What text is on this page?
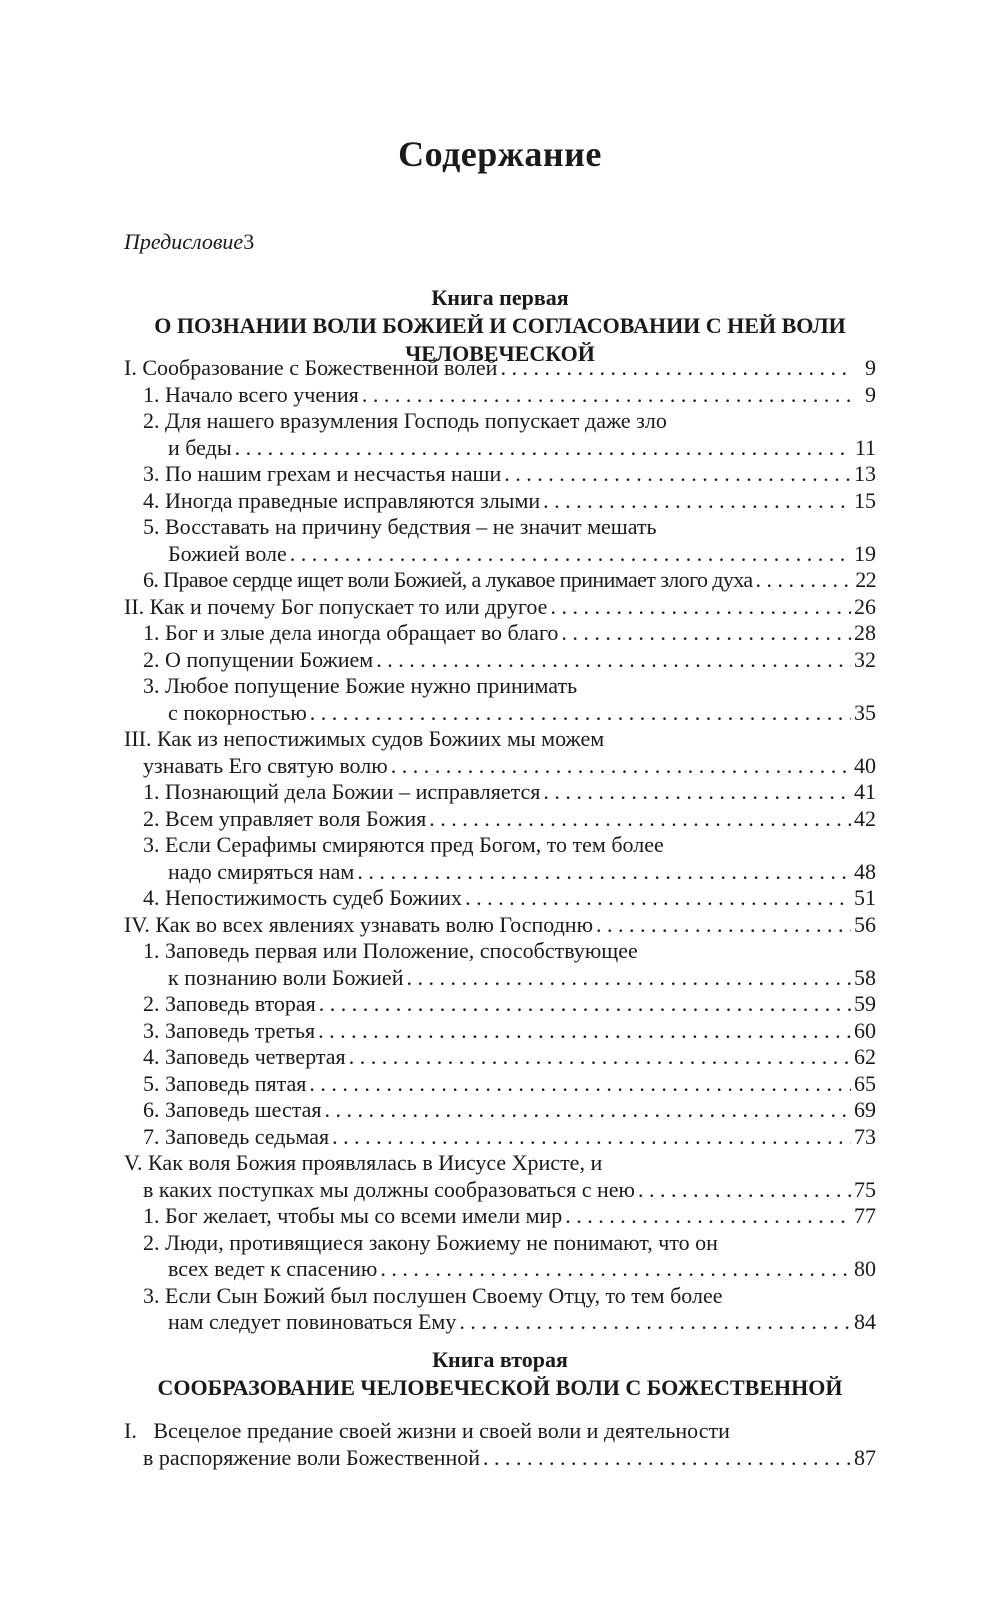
Содержание
Предисловие 3

Книга первая

О ПОЗНАНИИ ВОЛИ БОЖИЕЙ И СОГЛАСОВАНИИ С НЕЙ ВОЛИ ЧЕЛОВЕЧЕСКОЙ

I. Сообразование с Божественной волей . . .	9
1. Начало всего учения . . .	9
2. Для нашего вразумления Господь попускает даже зло
и беды . . .	11
3. По нашим грехам и несчастья наши . . .	13
4. Иногда праведные исправляются злыми . . .	15
5. Восставать на причину бедствия – не значит мешать
Божией воле . . .	19
6. Правое сердце ищет воли Божией, а лукавое принимает злого духа . . .	22
II. Как и почему Бог попускает то или другое . . .	26
1. Бог и злые дела иногда обращает во благо . . .	28
2. О попущении Божием . . .	32
3. Любое попущение Божие нужно принимать
с покорностью . . .	35
III. Как из непостижимых судов Божиих мы можем
узнавать Его святую волю . . .	40
1. Познающий дела Божии – исправляется . . .	41
2. Всем управляет воля Божия . . .	42
3. Если Серафимы смиряются пред Богом, то тем более
надо смиряться нам . . .	48
4. Непостижимость судеб Божиих . . .	51
IV. Как во всех явлениях узнавать волю Господню . . .	56
1. Заповедь первая или Положение, способствующее
к познанию воли Божией . . .	58
2. Заповедь вторая . . .	59
3. Заповедь третья . . .	60
4. Заповедь четвертая . . .	62
5. Заповедь пятая . . .	65
6. Заповедь шестая . . .	69
7. Заповедь седьмая . . .	73
V. Как воля Божия проявлялась в Иисусе Христе, и
в каких поступках мы должны сообразоваться с нею . . .	75
1. Бог желает, чтобы мы со всеми имели мир . . .	77
2. Люди, противящиеся закону Божиему не понимают, что он
всех ведет к спасению . . .	80
3. Если Сын Божий был послушен Своему Отцу, то тем более
нам следует повиноваться Ему . . .	84

Книга вторая

СООБРАЗОВАНИЕ ЧЕЛОВЕЧЕСКОЙ ВОЛИ С БОЖЕСТВЕННОЙ

I.   Всецелое предание своей жизни и своей воли и деятельности
в распоряжение воли Божественной . . .	87
